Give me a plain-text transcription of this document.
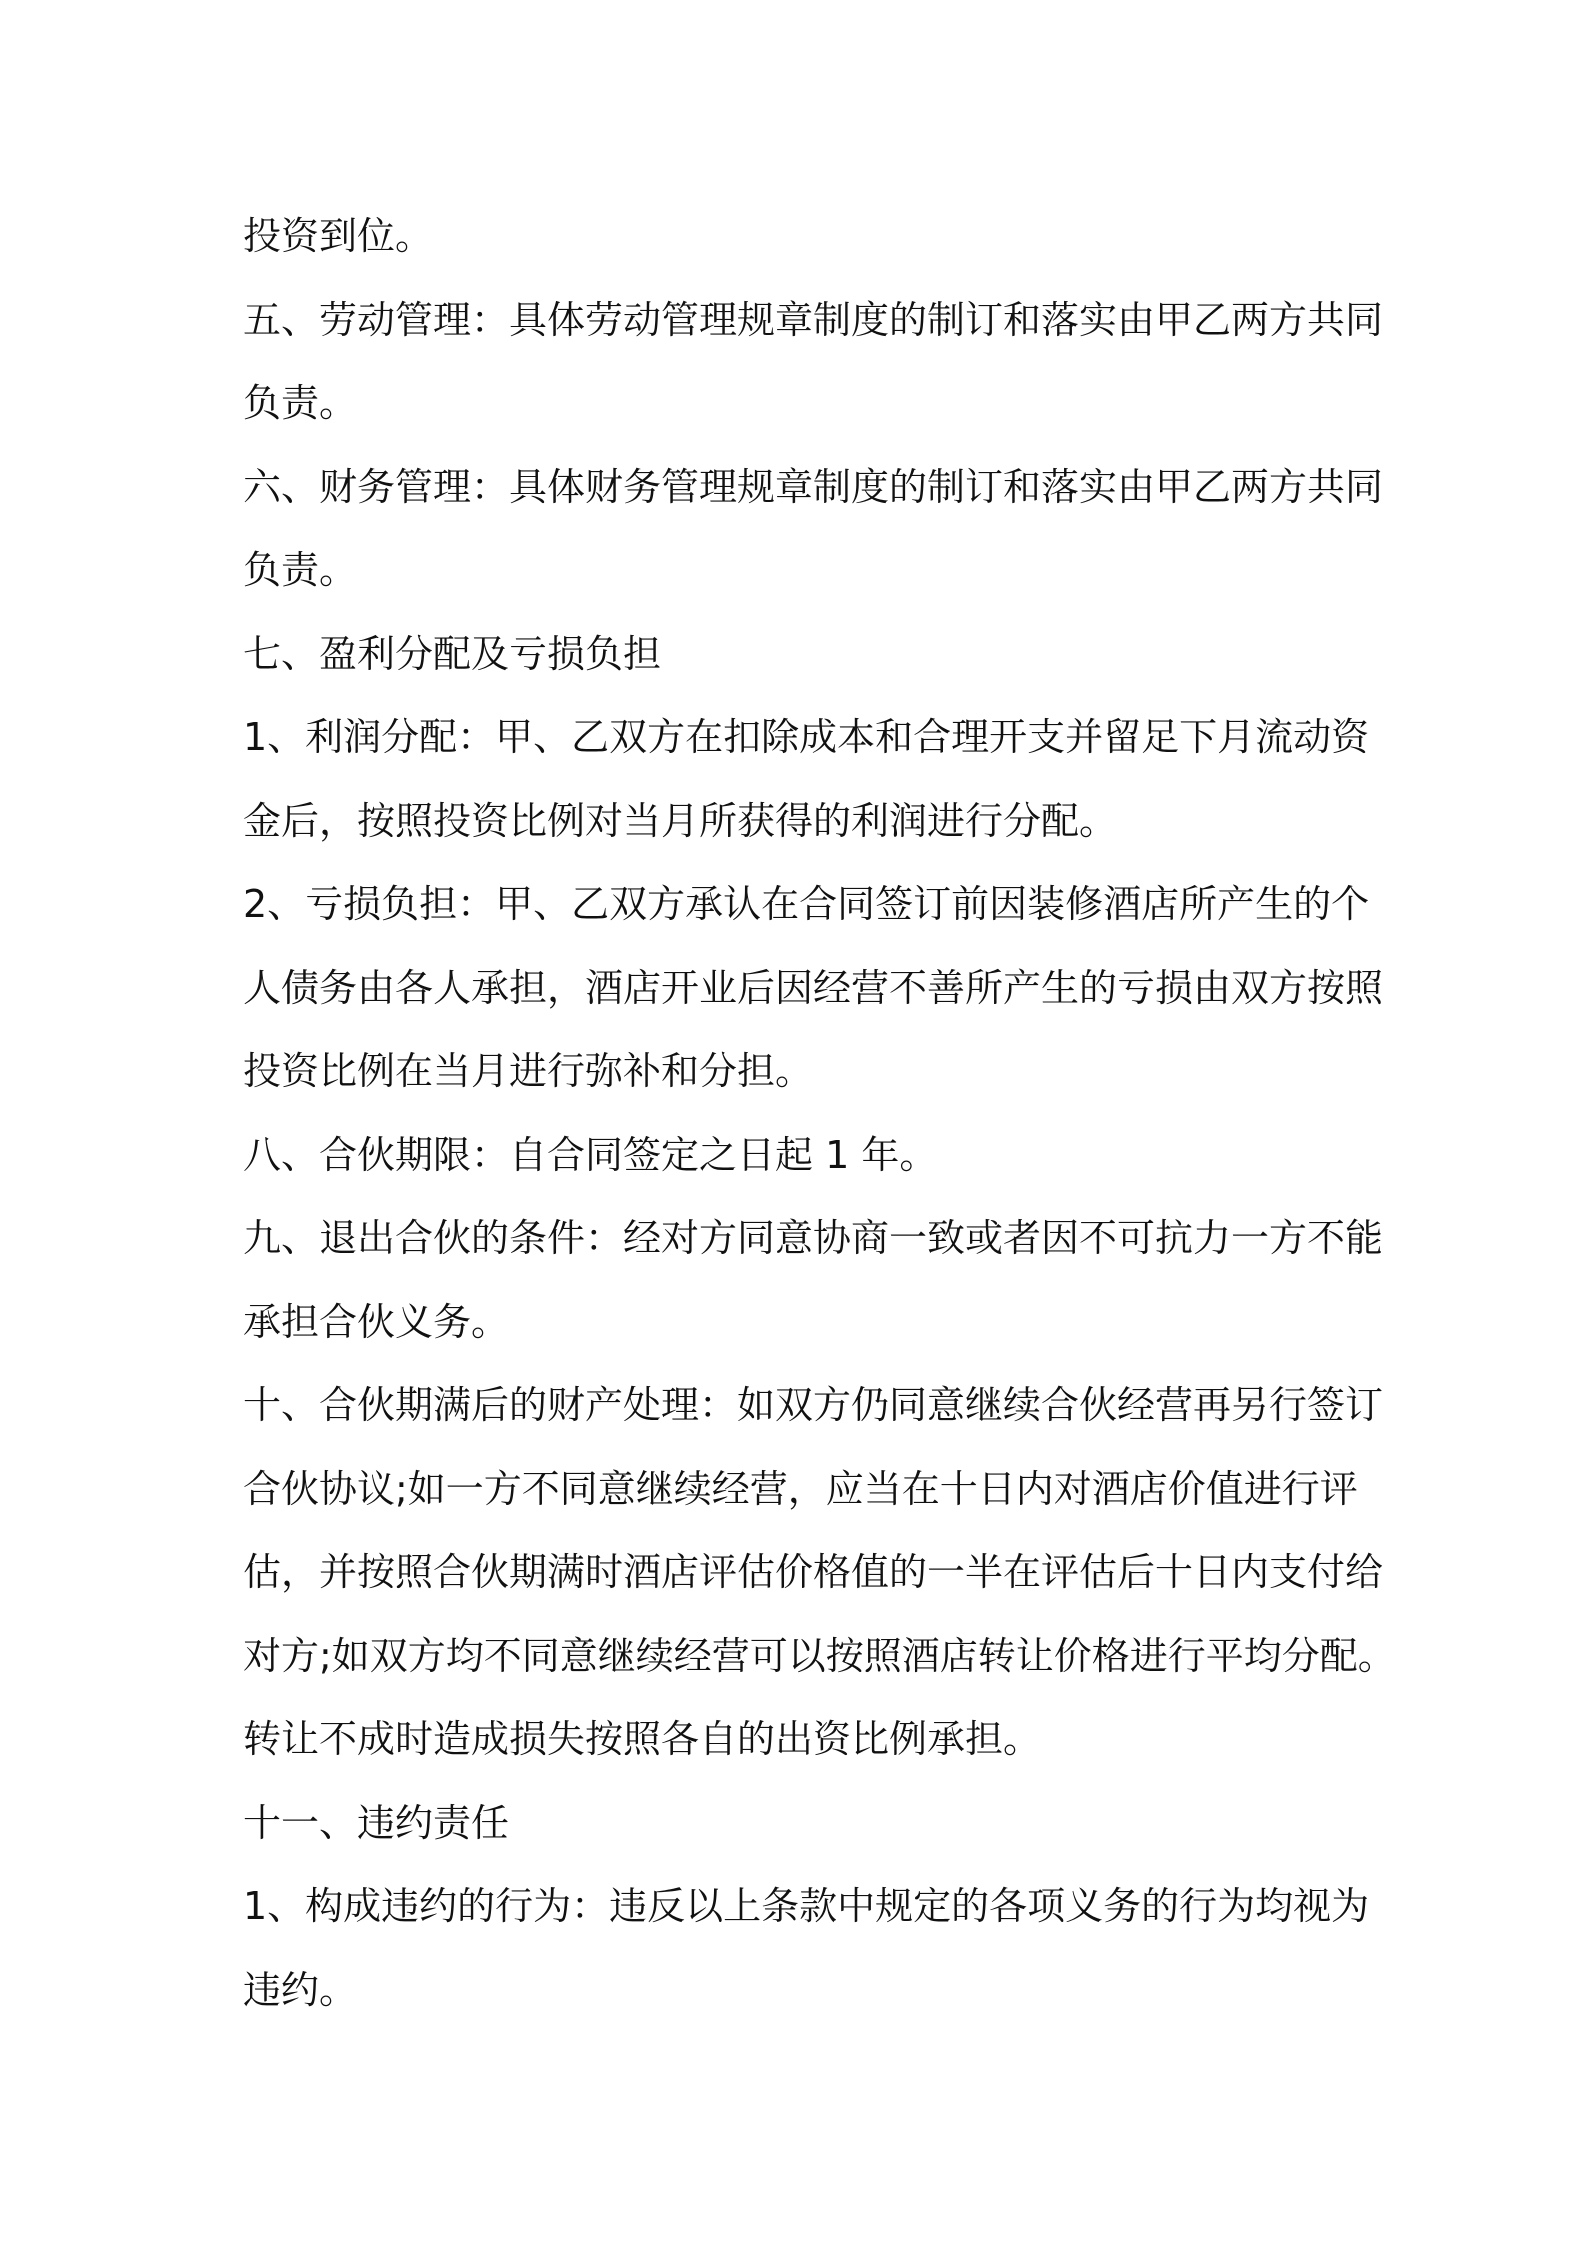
投资到位。
五、劳动管理：具体劳动管理规章制度的制订和落实由甲乙两方共同
负责。
六、财务管理：具体财务管理规章制度的制订和落实由甲乙两方共同
负责。
七、盈利分配及亏损负担
1、利润分配：甲、乙双方在扣除成本和合理开支并留足下月流动资
金后，按照投资比例对当月所获得的利润进行分配。
2、亏损负担：甲、乙双方承认在合同签订前因装修酒店所产生的个
人债务由各人承担，酒店开业后因经营不善所产生的亏损由双方按照
投资比例在当月进行弥补和分担。
八、合伙期限：自合同签定之日起 1 年。
九、退出合伙的条件：经对方同意协商一致或者因不可抗力一方不能
承担合伙义务。
十、合伙期满后的财产处理：如双方仍同意继续合伙经营再另行签订
合伙协议;如一方不同意继续经营，应当在十日内对酒店价值进行评
估，并按照合伙期满时酒店评估价格值的一半在评估后十日内支付给
对方;如双方均不同意继续经营可以按照酒店转让价格进行平均分配。
转让不成时造成损失按照各自的出资比例承担。
十一、违约责任
1、构成违约的行为：违反以上条款中规定的各项义务的行为均视为
违约。
